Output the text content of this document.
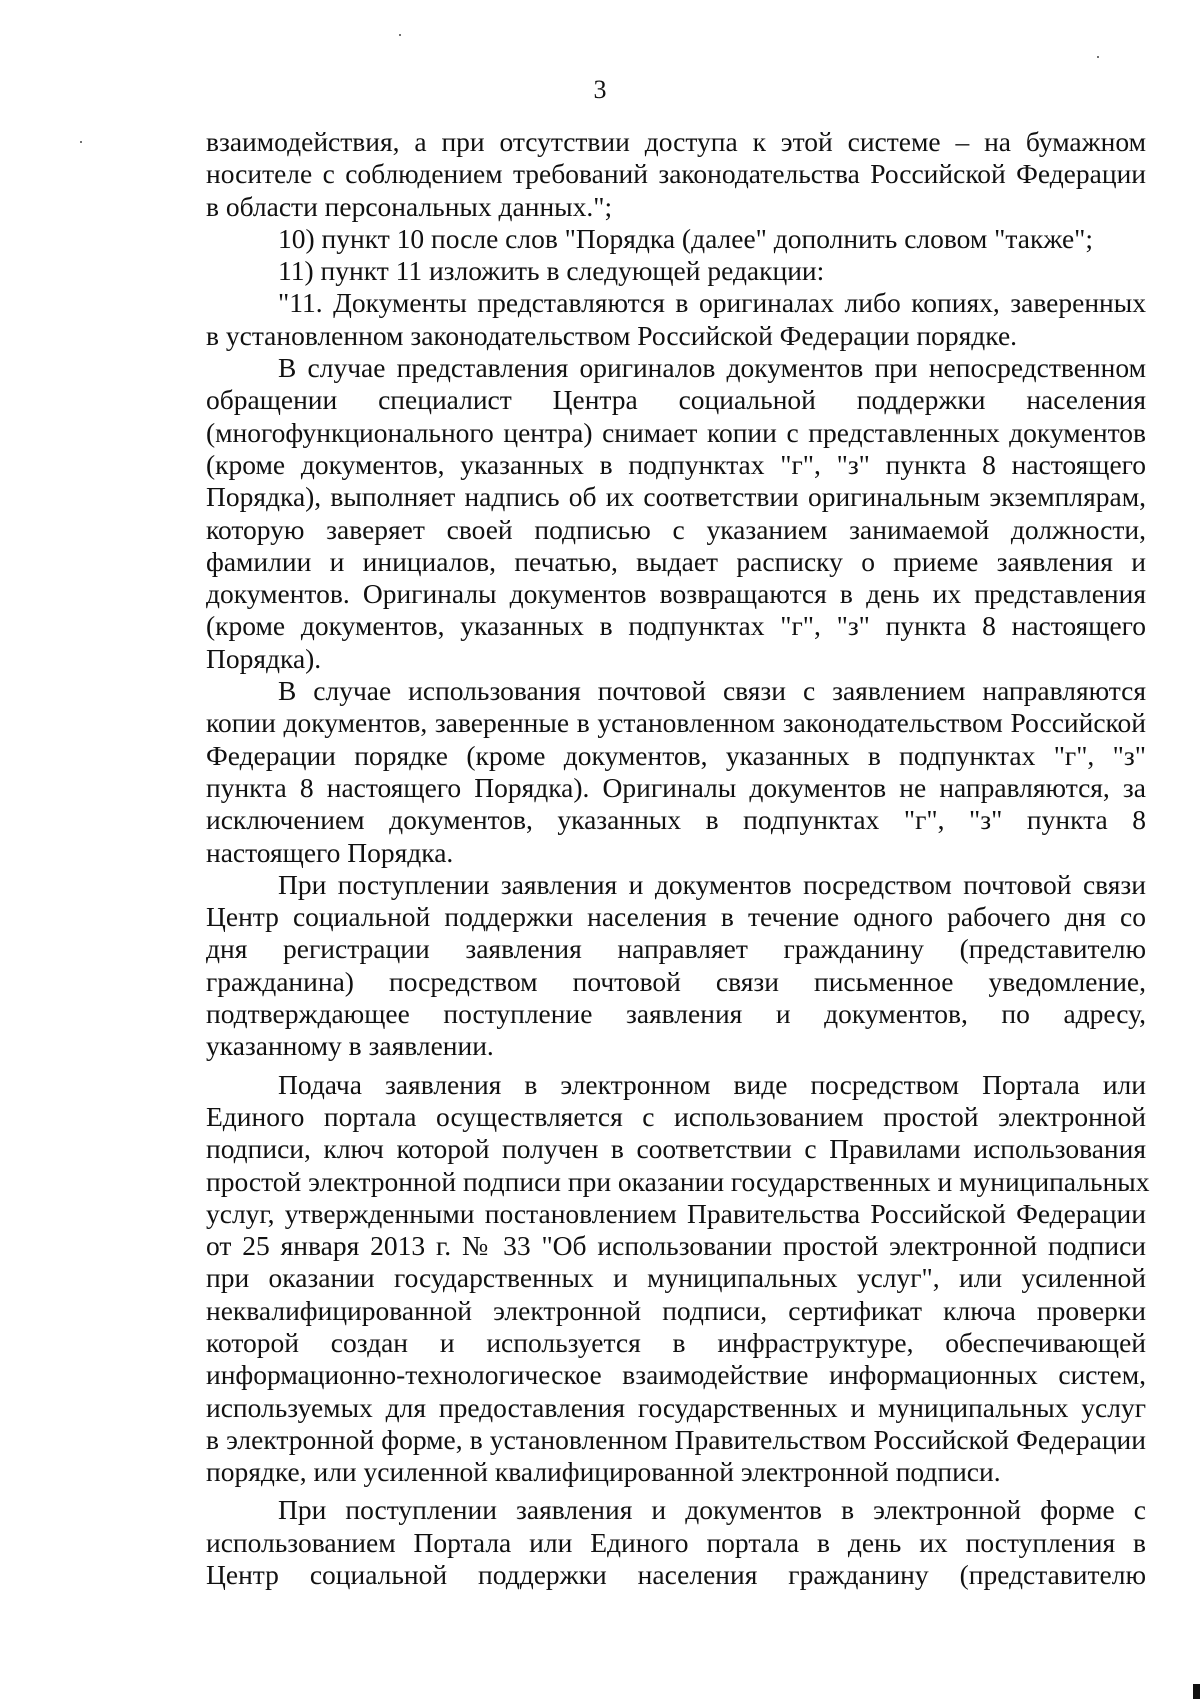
3
взаимодействия, а при отсутствии доступа к этой системе – на бумажном
носителе с соблюдением требований законодательства Российской Федерации
в области персональных данных.";
10) пункт 10 после слов "Порядка (далее" дополнить словом "также";
11) пункт 11 изложить в следующей редакции:
"11. Документы представляются в оригиналах либо копиях, заверенных
в установленном законодательством Российской Федерации порядке.
В случае представления оригиналов документов при непосредственном
обращении специалист Центра социальной поддержки населения
(многофункционального центра) снимает копии с представленных документов
(кроме документов, указанных в подпунктах "г", "з" пункта 8 настоящего
Порядка), выполняет надпись об их соответствии оригинальным экземплярам,
которую заверяет своей подписью с указанием занимаемой должности,
фамилии и инициалов, печатью, выдает расписку о приеме заявления и
документов. Оригиналы документов возвращаются в день их представления
(кроме документов, указанных в подпунктах "г", "з" пункта 8 настоящего
Порядка).
В случае использования почтовой связи с заявлением направляются
копии документов, заверенные в установленном законодательством Российской
Федерации порядке (кроме документов, указанных в подпунктах "г", "з"
пункта 8 настоящего Порядка). Оригиналы документов не направляются, за
исключением документов, указанных в подпунктах "г", "з" пункта 8
настоящего Порядка.
При поступлении заявления и документов посредством почтовой связи
Центр социальной поддержки населения в течение одного рабочего дня со
дня регистрации заявления направляет гражданину (представителю
гражданина) посредством почтовой связи письменное уведомление,
подтверждающее поступление заявления и документов, по адресу,
указанному в заявлении.
Подача заявления в электронном виде посредством Портала или
Единого портала осуществляется с использованием простой электронной
подписи, ключ которой получен в соответствии с Правилами использования
простой электронной подписи при оказании государственных и муниципальных
услуг, утвержденными постановлением Правительства Российской Федерации
от 25 января 2013 г. № 33 "Об использовании простой электронной подписи
при оказании государственных и муниципальных услуг", или усиленной
неквалифицированной электронной подписи, сертификат ключа проверки
которой создан и используется в инфраструктуре, обеспечивающей
информационно-технологическое взаимодействие информационных систем,
используемых для предоставления государственных и муниципальных услуг
в электронной форме, в установленном Правительством Российской Федерации
порядке, или усиленной квалифицированной электронной подписи.
При поступлении заявления и документов в электронной форме с
использованием Портала или Единого портала в день их поступления в
Центр социальной поддержки населения гражданину (представителю
